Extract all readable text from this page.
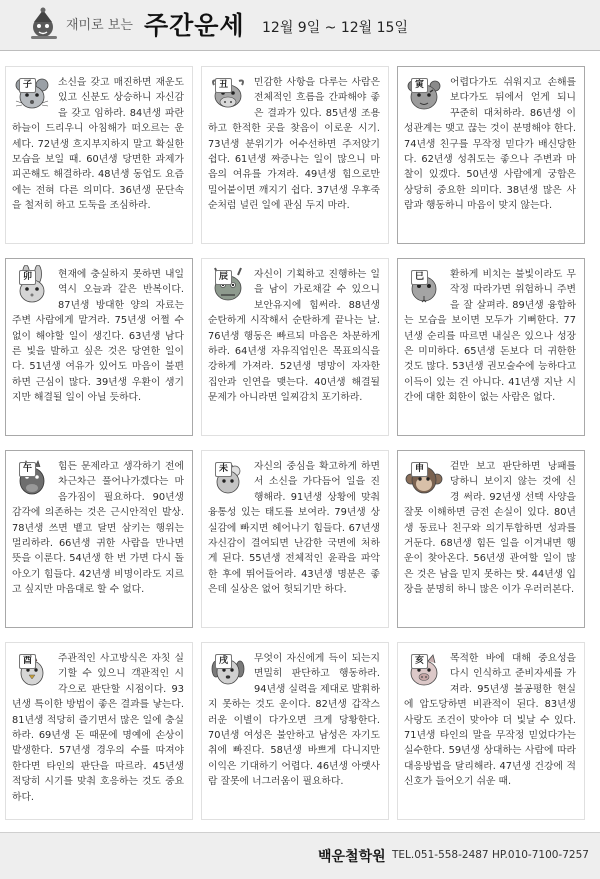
재미로 보는 주간운세 12월 9일 ~ 12월 15일
子	소신을 갖고 매진하면 재운도 있고 신분도 상승하니 자신감을 갖고 임하라. 84년생 파란 하늘이 드리우니 아침해가 떠오르는 운세다. 72년생 흐지부지하지 말고 확실한 모습을 보일 때. 60년생 당면한 과제가 피곤해도 해결하라. 48년생 동업도 요즘에는 전혀 다른 의미다. 36년생 문단속을 철저히 하고 도둑을 조심하라.

丑	민감한 사항을 다루는 사람은 전체적인 흐름을 간파해야 좋은 결과가 있다. 85년생 조용하고 한적한 곳을 찾음이 이로운 시기. 73년생 분위기가 어수선하면 주저앉기 쉽다. 61년생 짜증나는 일이 많으니 마음의 여유를 가져라. 49년생 힘으로만 밀어붙이면 깨지기 쉽다. 37년생 우후죽순처럼 널린 일에 관심 두지 마라.

寅	어렵다가도 쉬워지고 손해를 보다가도 뒤에서 얻게 되니 꾸준히 대처하라. 86년생 이성관계는 맺고 끊는 것이 분명해야 한다. 74년생 친구를 무작정 믿다가 배신당한다. 62년생 성취도는 좋으나 주변과 마찰이 있겠다. 50년생 사람에게 궁합은 상당히 중요한 의미다. 38년생 많은 사람과 행동하니 마음이 맞지 않는다.

卯	현재에 충실하지 못하면 내일 역시 오늘과 같은 반복이다. 87년생 방대한 양의 자료는 주변 사람에게 맡겨라. 75년생 어쩔 수 없이 해야할 일이 생긴다. 63년생 남다른 빛을 발하고 싶은 것은 당연한 일이다. 51년생 여유가 있어도 마음이 불편하면 근심이 많다. 39년생 우환이 생기지만 해결될 일이 아닐 듯하다.

辰	자신이 기획하고 진행하는 일을 남이 가로채갈 수 있으니 보안유지에 힘써라. 88년생 순탄하게 시작해서 순탄하게 끝나는 날. 76년생 행동은 빠르되 마음은 차분하게 하라. 64년생 자유직업인은 목표의식을 강하게 가져라. 52년생 명망이 자자한 집안과 인연을 맺는다. 40년생 해결될 문제가 아니라면 일찌감치 포기하라.

巳	환하게 비치는 불빛이라도 무작정 따라가면 위험하니 주변을 잘 살펴라. 89년생 융합하는 모습을 보이면 모두가 기뻐한다. 77년생 순리를 따르면 내실은 있으나 성장은 미미하다. 65년생 돈보다 더 귀한한 것도 많다. 53년생 권모술수에 능하다고 이득이 있는 건 아니다. 41년생 지난 시간에 대한 회한이 없는 사람은 없다.

午	힘든 문제라고 생각하기 전에 차근차근 풀어나가겠다는 마음가짐이 필요하다. 90년생 감각에 의존하는 것은 근시안적인 발상. 78년생 쓰면 뱉고 달면 삼키는 행위는 멀리하라. 66년생 귀한 사람을 만나면 뜻을 이룬다. 54년생 한 번 가면 다시 돌아오기 힘들다. 42년생 비명이라도 지르고 싶지만 마음대로 할 수 없다.

未	자신의 중심을 확고하게 하면서 소신을 가다듬어 일을 진행해라. 91년생 상황에 맞춰 융통성 있는 태도를 보여라. 79년생 상실감에 빠지면 헤어나기 힘들다. 67년생 자신감이 결여되면 난감한 국면에 처하게 된다. 55년생 전체적인 윤곽을 파악한 후에 뛰어들어라. 43년생 명분은 좋은데 실상은 없어 헛되기만 하다.

申	겉만 보고 판단하면 낭패를 당하니 보이지 않는 것에 신경 써라. 92년생 선택 사양을 잘못 이해하면 금전 손실이 있다. 80년생 동료나 친구와 의기투합하면 성과를 거둔다. 68년생 힘든 일을 이겨내면 행운이 찾아온다. 56년생 관여할 일이 많은 것은 남을 믿지 못하는 탓. 44년생 입장을 분명히 하니 많은 이가 우러러본다.

酉	주관적인 사고방식은 자칫 실기할 수 있으니 객관적인 시각으로 판단할 시점이다. 93년생 특이한 방법이 좋은 결과를 낳는다. 81년생 적당히 즐기면서 많은 일에 충실하라. 69년생 돈 때문에 명예에 손상이 발생한다. 57년생 경우의 수를 따져야 한다면 타인의 판단을 따르라. 45년생 적당히 시기를 맞춰 호응하는 것도 중요하다.

戌	무엇이 자신에게 득이 되는지 면밀히 판단하고 행동하라. 94년생 실력을 제대로 발휘하지 못하는 것도 운이다. 82년생 갑작스러운 이별이 다가오면 크게 당황한다. 70년생 여성은 불안하고 남성은 자기도취에 빠진다. 58년생 바쁘게 다니지만 이익은 기대하기 어렵다. 46년생 아랫사람 잘못에 너그러움이 필요하다.

亥	목적한 바에 대해 중요성을 다시 인식하고 준비자세를 가져라. 95년생 불공평한 현실에 압도당하면 비관적이 된다. 83년생 사랑도 조건이 맞아야 더 빛날 수 있다. 71년생 타인의 말을 무작정 믿었다가는 실수한다. 59년생 상대하는 사람에 따라 대응방법을 달리해라. 47년생 건강에 적신호가 들어오기 쉬운 때.

백운철학원 TEL.051-558-2487 HP.010-7100-7257
